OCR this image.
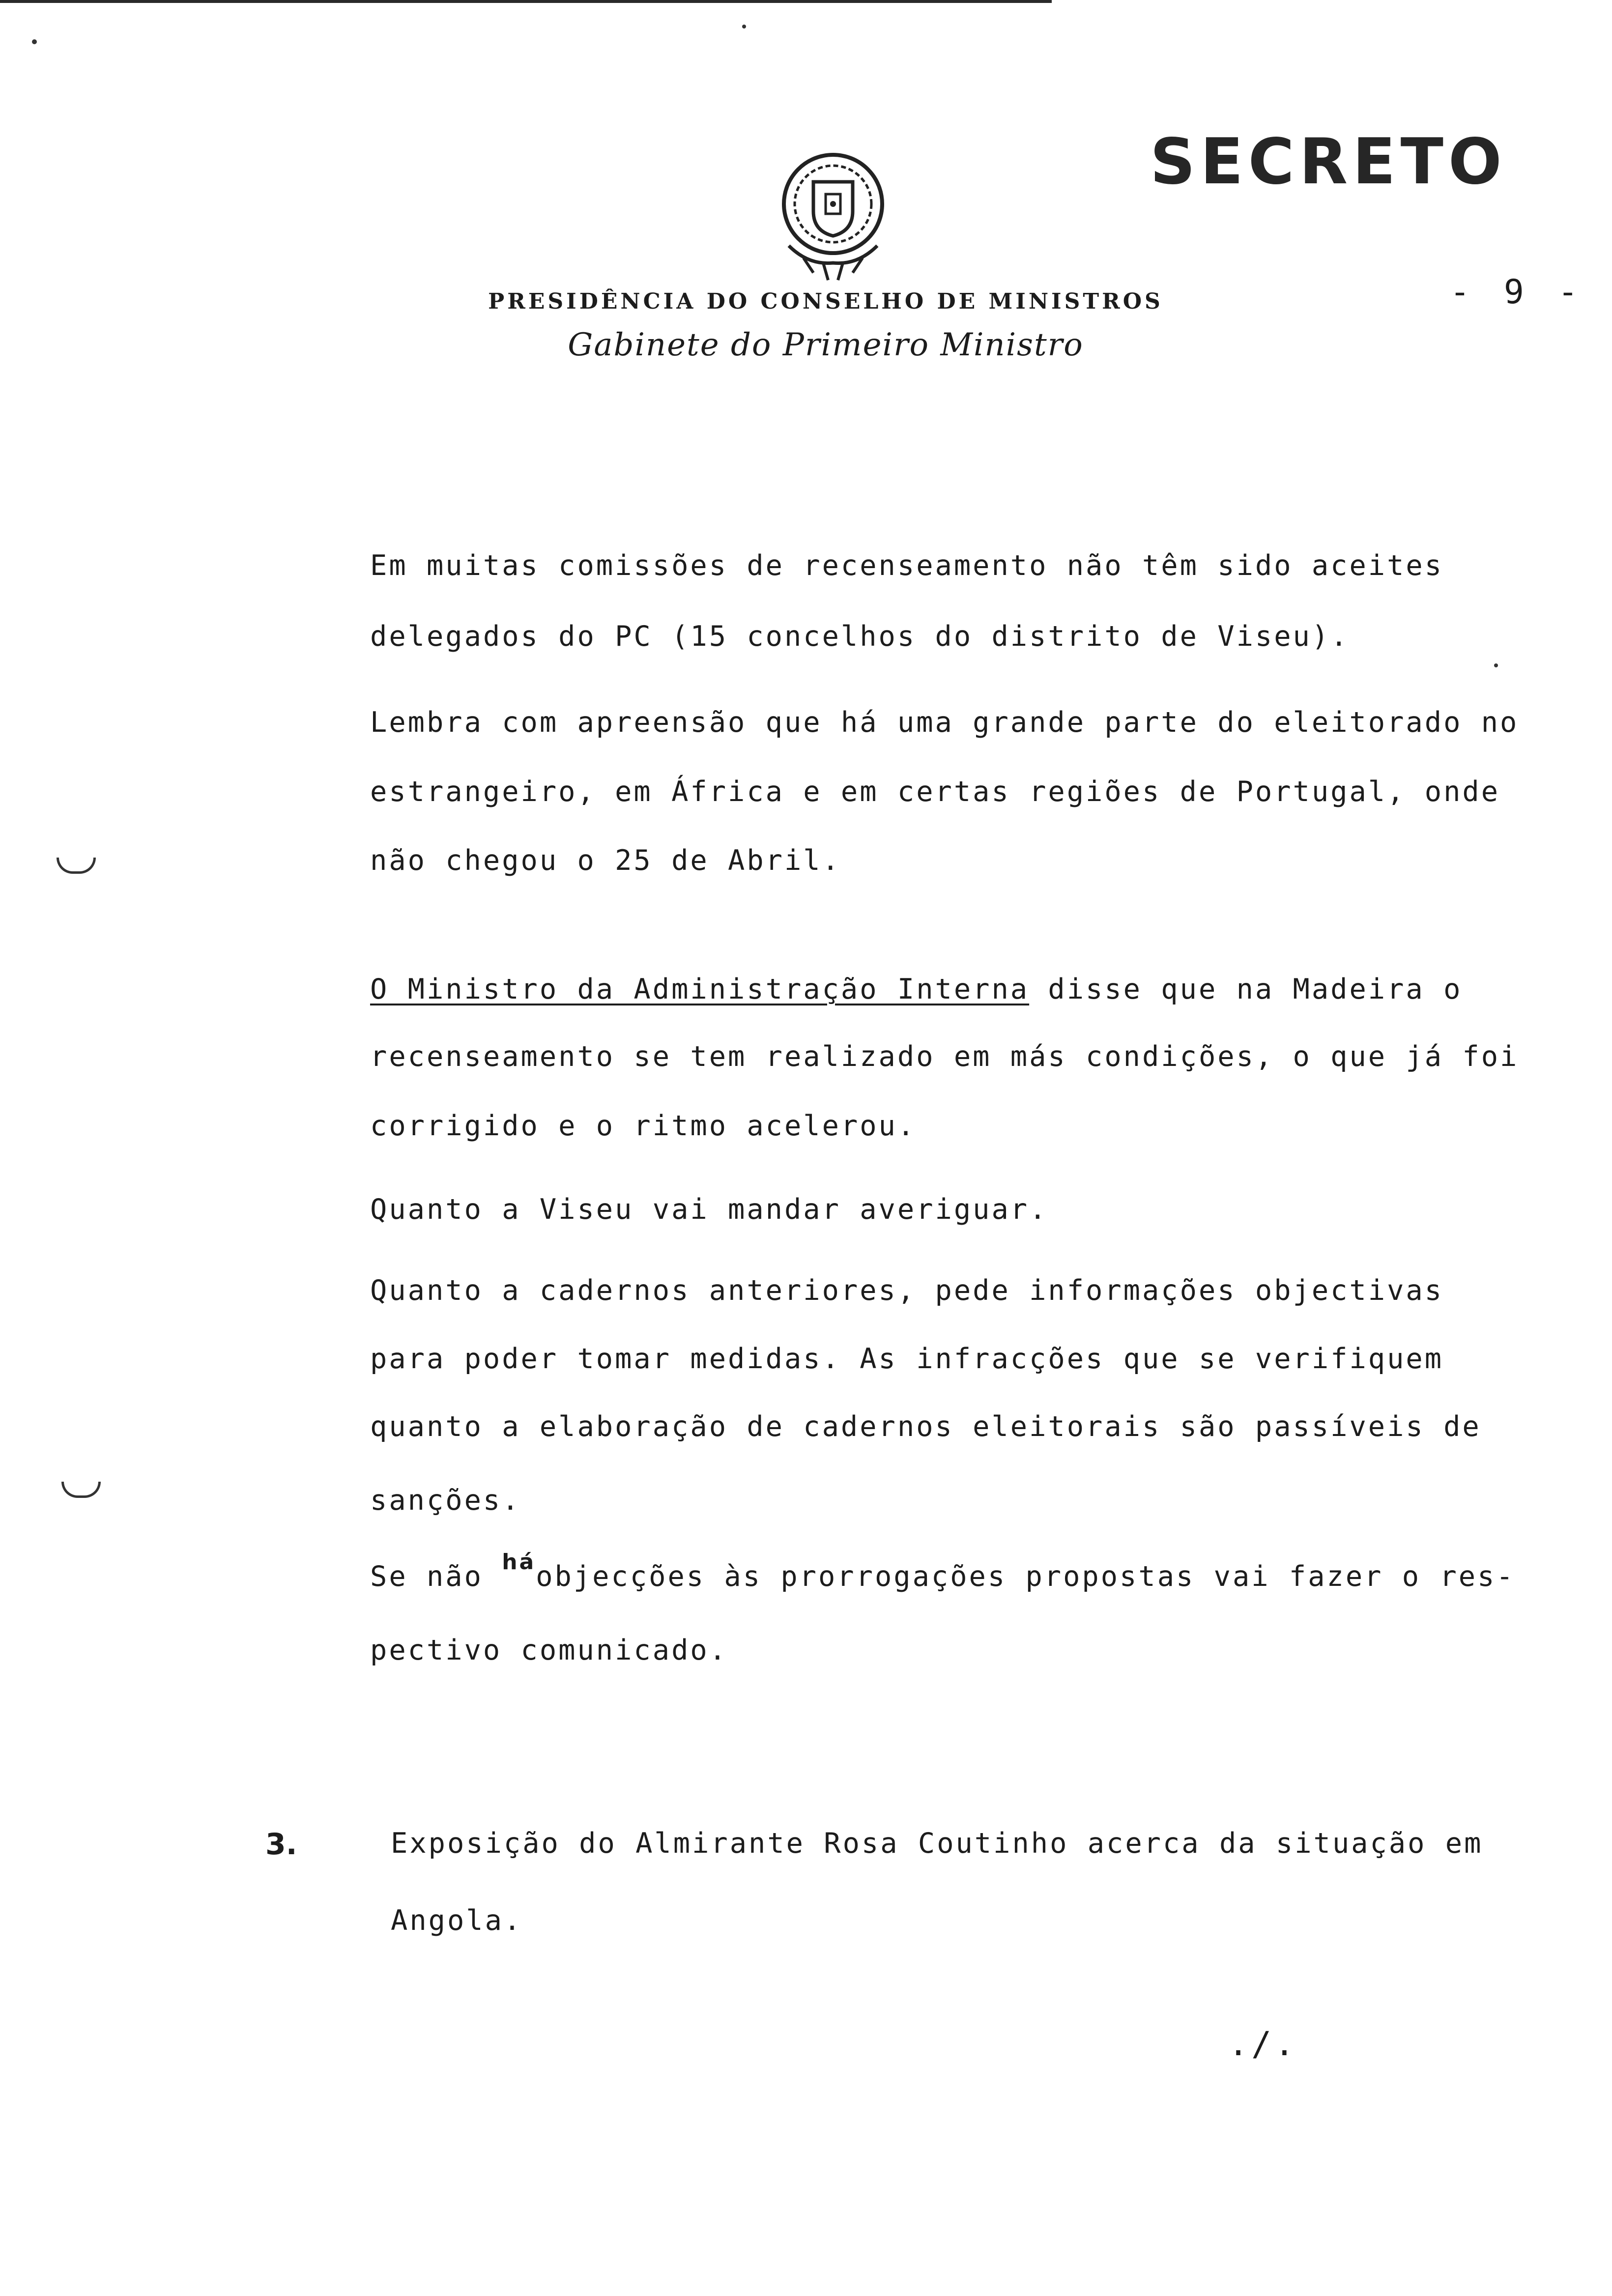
SECRETO
- 9 -
PRESIDÊNCIA DO CONSELHO DE MINISTROS
Gabinete do Primeiro Ministro
Em muitas comissões de recenseamento não têm sido aceites
delegados do PC (15 concelhos do distrito de Viseu).
Lembra com apreensão que há uma grande parte do eleitorado no
estrangeiro, em África e em certas regiões de Portugal, onde
não chegou o 25 de Abril.
O Ministro da Administração Interna disse que na Madeira o
recenseamento se tem realizado em más condições, o que já foi
corrigido e o ritmo acelerou.
Quanto a Viseu vai mandar averiguar.
Quanto a cadernos anteriores, pede informações objectivas
para poder tomar medidas. As infracções que se verifiquem
quanto a elaboração de cadernos eleitorais são passíveis de
sanções.
Se não $^{há}$objecções às prorrogações propostas vai fazer o res-
pectivo comunicado.
3.	Exposição do Almirante Rosa Coutinho acerca da situação em
Angola.
./.
